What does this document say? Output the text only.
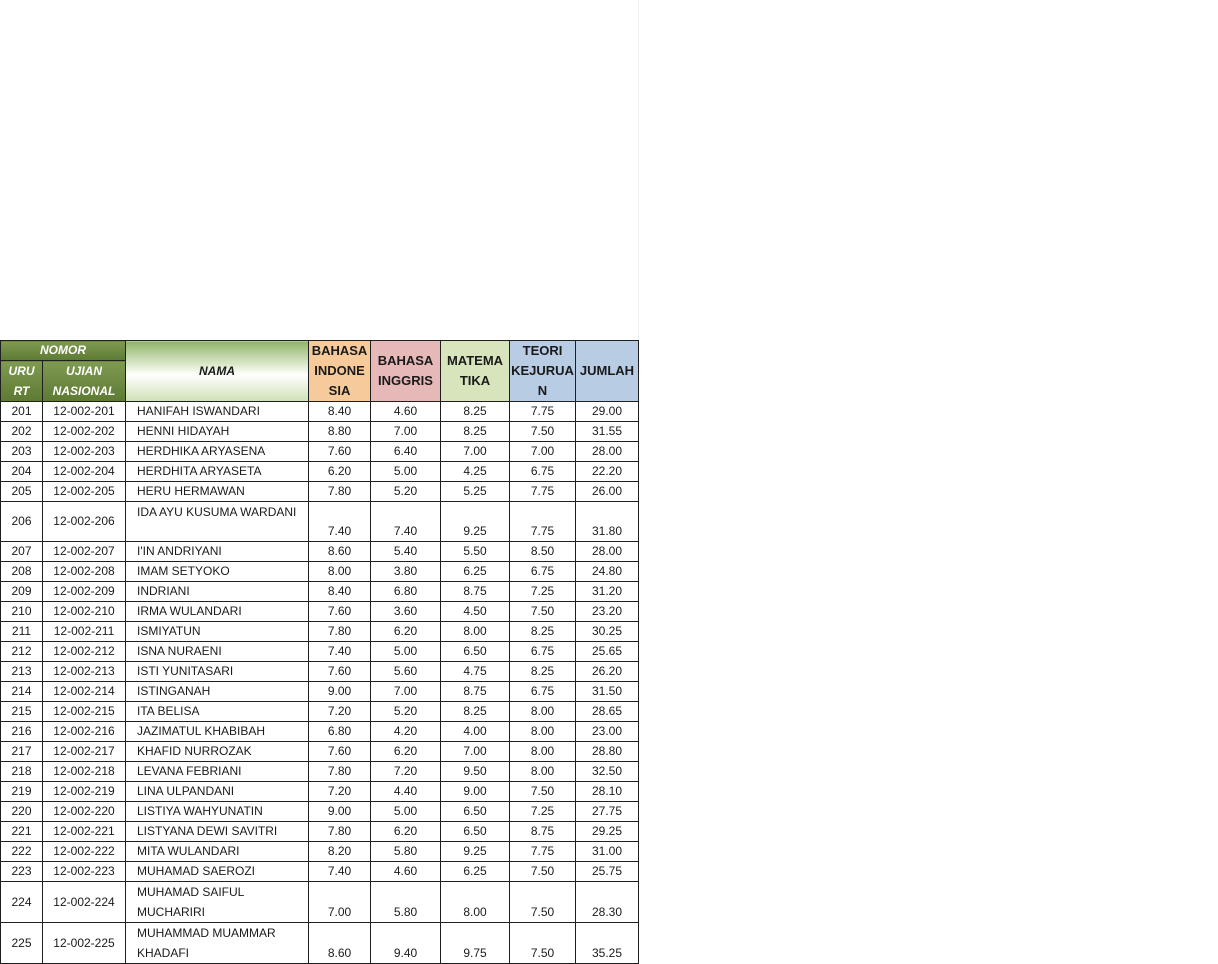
NOMOR		NAMA	BAHASA INDONE SIA	BAHASA INGGRIS	MATEMA TIKA	TEORI KEJURUA N	JUMLAH
URU RT	UJIAN NASIONAL						
201	12-002-201	HANIFAH ISWANDARI	8.40	4.60	8.25	7.75	29.00
202	12-002-202	HENNI HIDAYAH	8.80	7.00	8.25	7.50	31.55
203	12-002-203	HERDHIKA ARYASENA	7.60	6.40	7.00	7.00	28.00
204	12-002-204	HERDHITA ARYASETA	6.20	5.00	4.25	6.75	22.20
205	12-002-205	HERU HERMAWAN	7.80	5.20	5.25	7.75	26.00
206	12-002-206	IDA AYU KUSUMA WARDANI	7.40	7.40	9.25	7.75	31.80
207	12-002-207	I'IN ANDRIYANI	8.60	5.40	5.50	8.50	28.00
208	12-002-208	IMAM SETYOKO	8.00	3.80	6.25	6.75	24.80
209	12-002-209	INDRIANI	8.40	6.80	8.75	7.25	31.20
210	12-002-210	IRMA WULANDARI	7.60	3.60	4.50	7.50	23.20
211	12-002-211	ISMIYATUN	7.80	6.20	8.00	8.25	30.25
212	12-002-212	ISNA NURAENI	7.40	5.00	6.50	6.75	25.65
213	12-002-213	ISTI YUNITASARI	7.60	5.60	4.75	8.25	26.20
214	12-002-214	ISTINGANAH	9.00	7.00	8.75	6.75	31.50
215	12-002-215	ITA BELISA	7.20	5.20	8.25	8.00	28.65
216	12-002-216	JAZIMATUL KHABIBAH	6.80	4.20	4.00	8.00	23.00
217	12-002-217	KHAFID NURROZAK	7.60	6.20	7.00	8.00	28.80
218	12-002-218	LEVANA FEBRIANI	7.80	7.20	9.50	8.00	32.50
219	12-002-219	LINA ULPANDANI	7.20	4.40	9.00	7.50	28.10
220	12-002-220	LISTIYA WAHYUNATIN	9.00	5.00	6.50	7.25	27.75
221	12-002-221	LISTYANA DEWI SAVITRI	7.80	6.20	6.50	8.75	29.25
222	12-002-222	MITA WULANDARI	8.20	5.80	9.25	7.75	31.00
223	12-002-223	MUHAMAD SAEROZI	7.40	4.60	6.25	7.50	25.75
224	12-002-224	MUHAMAD SAIFUL MUCHARIRI	7.00	5.80	8.00	7.50	28.30
225	12-002-225	MUHAMMAD MUAMMAR KHADAFI	8.60	9.40	9.75	7.50	35.25
